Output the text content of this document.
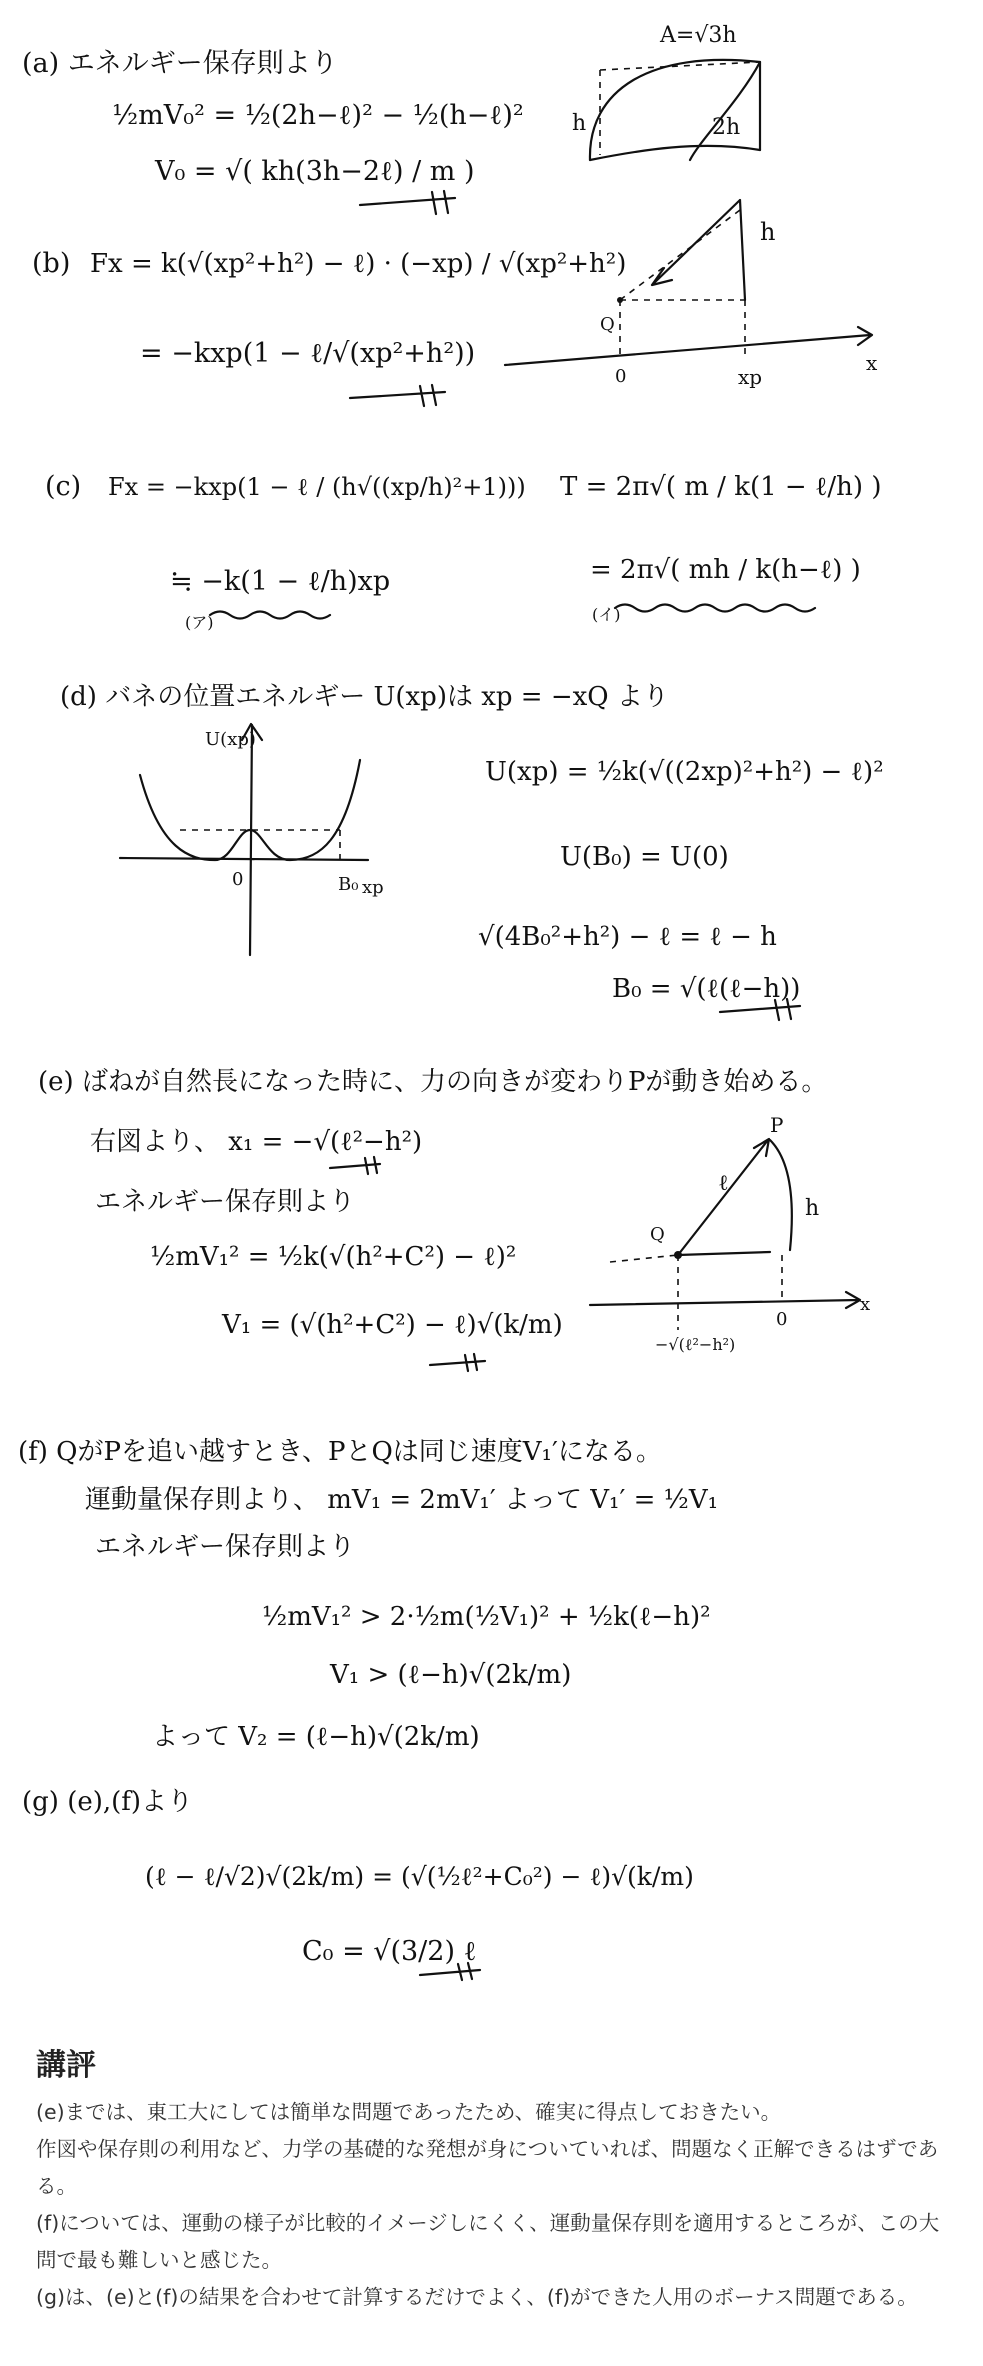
(a) エネルギー保存則より
½mV₀² = ½(2h−ℓ)² − ½(h−ℓ)²
V₀ = √( kh(3h−2ℓ) / m )
A=√3h
h	2h
(b) Fx = k(√(xp²+h²) − ℓ) · (−xp) / √(xp²+h²)
= −kxp(1 − ℓ/√(xp²+h²))
h
Q
0	xp
x
(c) Fx = −kxp(1 − ℓ / (h√((xp/h)²+1)))
≒ −k(1 − ℓ/h)xp
(ア)
T = 2π√( m / k(1 − ℓ/h) )
= 2π√( mh / k(h−ℓ) )
(イ)
(d) バネの位置エネルギー U(xp)は xp = −xQ より
U(xp) = ½k(√((2xp)²+h²) − ℓ)²
U(B₀) = U(0)
√(4B₀²+h²) − ℓ = ℓ − h
B₀ = √(ℓ(ℓ−h))
U(xp)
0	B₀ xp
(e) ばねが自然長になった時に、力の向きが変わりPが動き始める。
右図より、 x₁ = −√(ℓ²−h²)
エネルギー保存則より
½mV₁² = ½k(√(h²+C²) − ℓ)²
V₁ = (√(h²+C²) − ℓ)√(k/m)
P
ℓ
h
Q
0
x
−√(ℓ²−h²)
(f) QがPを追い越すとき、PとQは同じ速度V₁′になる。
運動量保存則より、 mV₁ = 2mV₁′ よって V₁′ = ½V₁
エネルギー保存則より
½mV₁² > 2·½m(½V₁)² + ½k(ℓ−h)²
V₁ > (ℓ−h)√(2k/m)
よって V₂ = (ℓ−h)√(2k/m)
(g) (e),(f)より
(ℓ − ℓ/√2)√(2k/m) = (√(½ℓ²+C₀²) − ℓ)√(k/m)
C₀ = √(3/2) ℓ
講評

(e)までは、東工大にしては簡単な問題であったため、確実に得点しておきたい。

作図や保存則の利用など、力学の基礎的な発想が身についていれば、問題なく正解できるはずである。

(f)については、運動の様子が比較的イメージしにくく、運動量保存則を適用するところが、この大問で最も難しいと感じた。

(g)は、(e)と(f)の結果を合わせて計算するだけでよく、(f)ができた人用のボーナス問題である。
